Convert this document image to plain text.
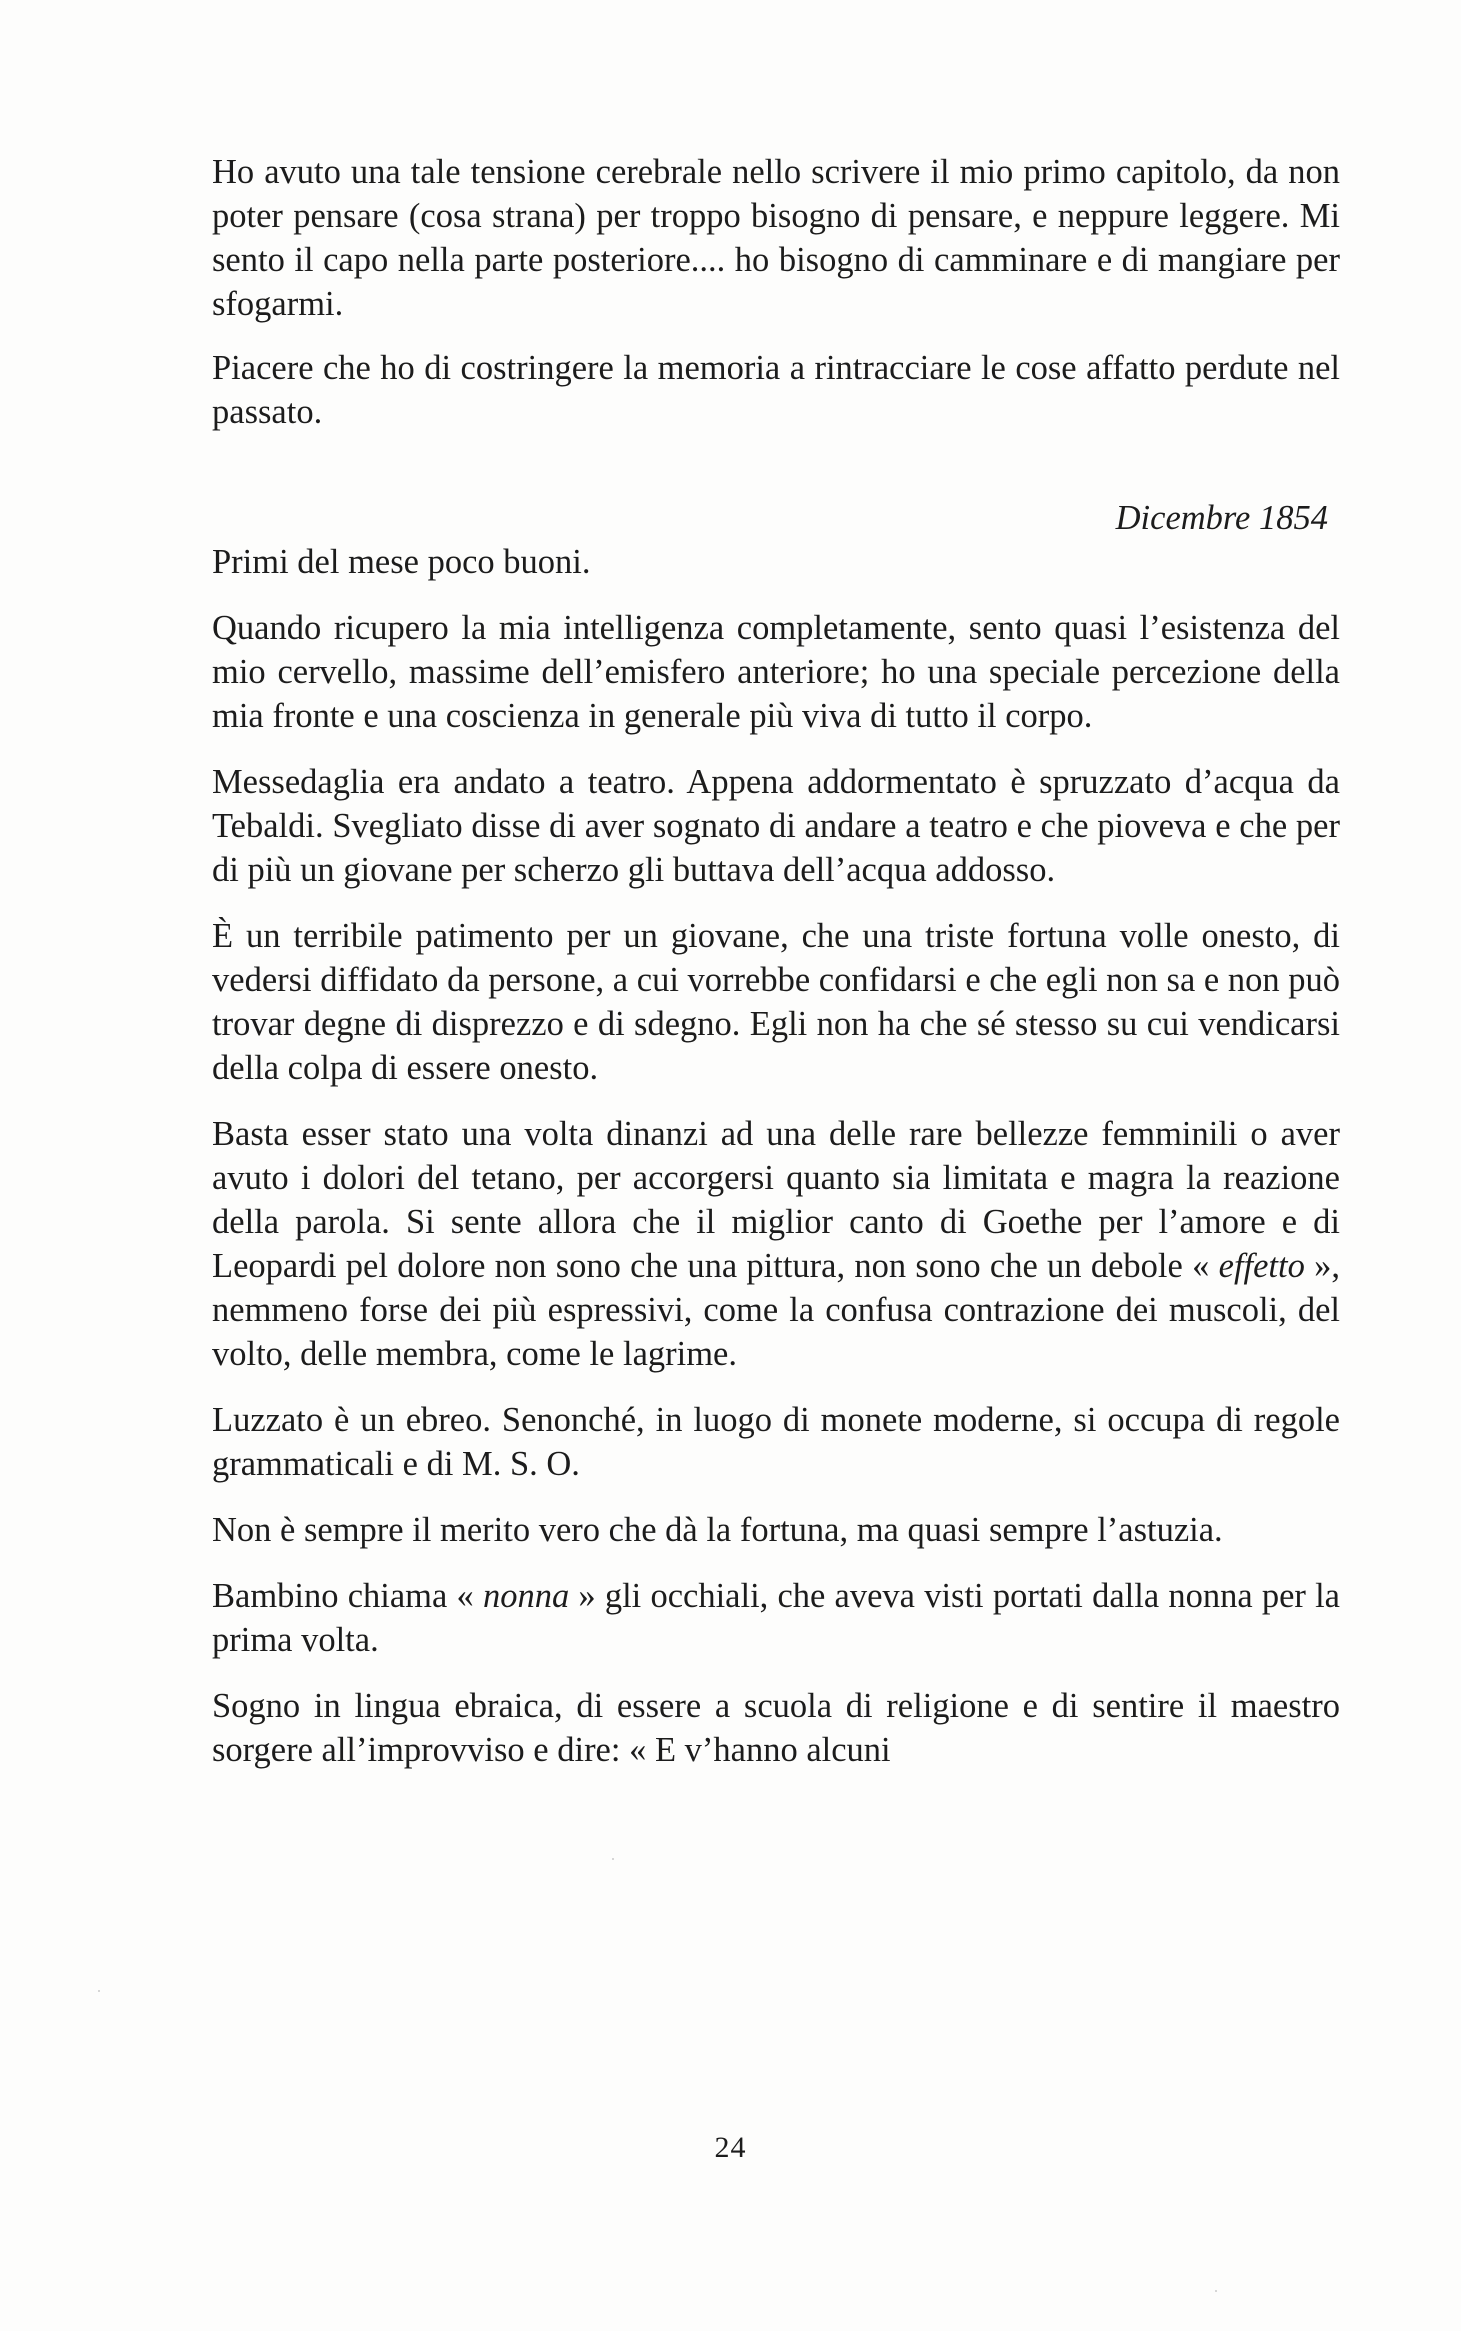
Ho avuto una tale tensione cerebrale nello scrivere il mio primo capitolo, da non poter pensare (cosa strana) per troppo bisogno di pensare, e neppure leggere. Mi sento il capo nella parte posteriore.... ho bisogno di camminare e di mangiare per sfogarmi.

Piacere che ho di costringere la memoria a rintracciare le cose affatto perdute nel passato.

Dicembre 1854

Primi del mese poco buoni.

Quando ricupero la mia intelligenza completamente, sento quasi l’esistenza del mio cervello, massime dell’emisfero anteriore; ho una speciale percezione della mia fronte e una coscienza in generale più viva di tutto il corpo.

Messedaglia era andato a teatro. Appena addormentato è spruzzato d’acqua da Tebaldi. Svegliato disse di aver sognato di andare a teatro e che pioveva e che per di più un giovane per scherzo gli buttava dell’acqua addosso.

È un terribile patimento per un giovane, che una triste fortuna volle onesto, di vedersi diffidato da persone, a cui vorrebbe confidarsi e che egli non sa e non può trovar degne di disprezzo e di sdegno. Egli non ha che sé stesso su cui vendicarsi della colpa di essere onesto.

Basta esser stato una volta dinanzi ad una delle rare bellezze femminili o aver avuto i dolori del tetano, per accorgersi quanto sia limitata e magra la reazione della parola. Si sente allora che il miglior canto di Goethe per l’amore e di Leopardi pel dolore non sono che una pittura, non sono che un debole « effetto », nemmeno forse dei più espressivi, come la confusa contrazione dei muscoli, del volto, delle membra, come le lagrime.

Luzzato è un ebreo. Senonché, in luogo di monete moderne, si occupa di regole grammaticali e di M. S. O.

Non è sempre il merito vero che dà la fortuna, ma quasi sempre l’astuzia.

Bambino chiama « nonna » gli occhiali, che aveva visti portati dalla nonna per la prima volta.

Sogno in lingua ebraica, di essere a scuola di religione e di sentire il maestro sorgere all’improvviso e dire: « E v’hanno alcuni

24
